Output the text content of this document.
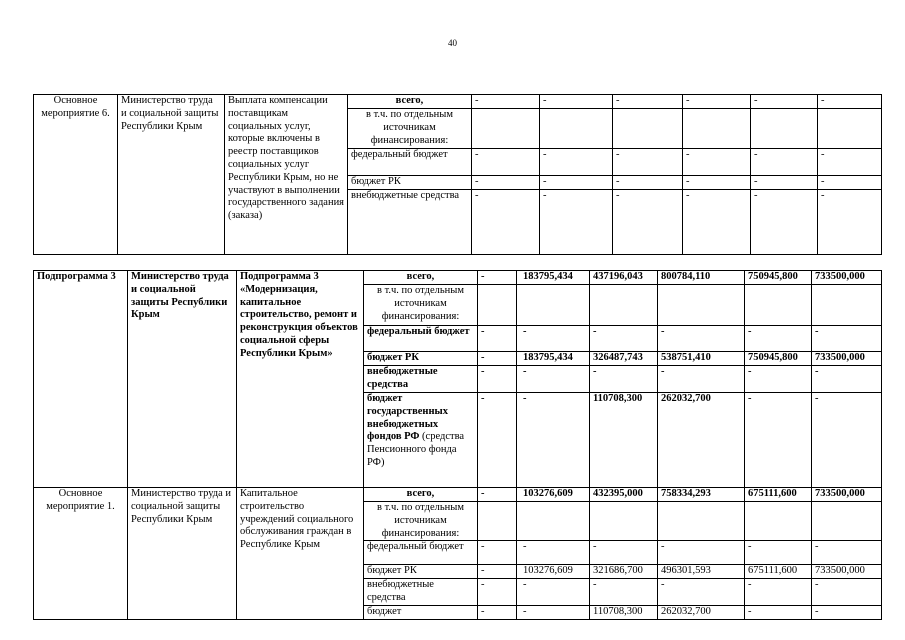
40
Основное мероприятие 6.	Министерство труда и социальной защиты Республики Крым	Выплата компенсации поставщикам социальных услуг, которые включены в реестр поставщиков социальных услуг Республики Крым, но не участвуют в выполнении государственного задания (заказа)	всего,	-	-	-	-	-	-
			в т.ч. по отдельным источникам финансирования:						
			федеральный бюджет	-	-	-	-	-	-
			бюджет РК	-	-	-	-	-	-
			внебюджетные средства	-	-	-	-	-	-
Подпрограмма 3	Министерство труда и социальной защиты Республики Крым	Подпрограмма 3 «Модернизация, капитальное строительство, ремонт и реконструкция объектов социальной сферы Республики Крым»	всего,	-	183795,434	437196,043	800784,110	750945,800	733500,000
			в т.ч. по отдельным источникам финансирования:						
			федеральный бюджет	-	-	-	-	-	-
			бюджет РК	-	183795,434	326487,743	538751,410	750945,800	733500,000
			внебюджетные средства	-	-	-	-	-	-
			бюджет государственных внебюджетных фондов РФ (средства Пенсионного фонда РФ)	-	-	110708,300	262032,700	-	-
Основное мероприятие 1.	Министерство труда и социальной защиты Республики Крым	Капитальное строительство учреждений социального обслуживания граждан в Республике Крым	всего,	-	103276,609	432395,000	758334,293	675111,600	733500,000
			в т.ч. по отдельным источникам финансирования:						
			федеральный бюджет	-	-	-	-	-	-
			бюджет РК	-	103276,609	321686,700	496301,593	675111,600	733500,000
			внебюджетные средства	-	-	-	-	-	-
			бюджет	-	-	110708,300	262032,700	-	-
